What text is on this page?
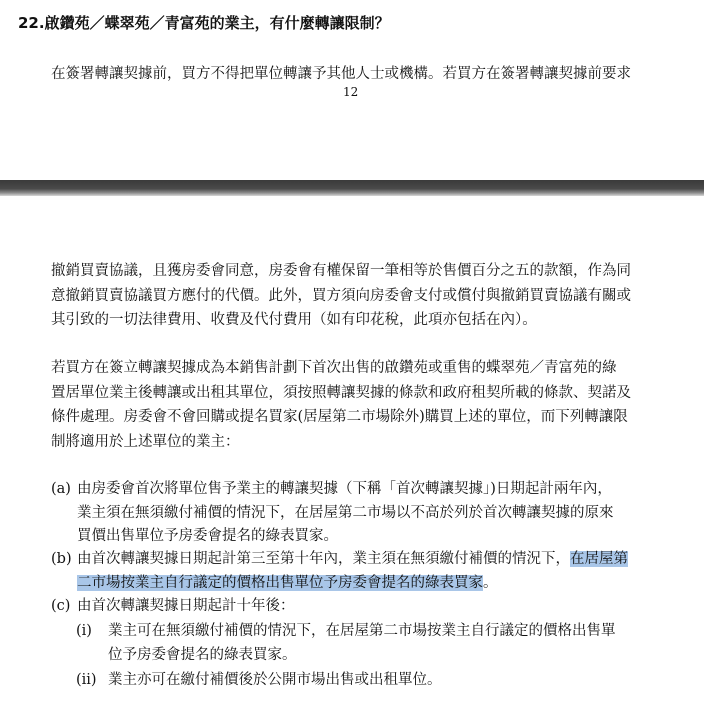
22.啟鑽苑／蝶翠苑／青富苑的業主，有什麼轉讓限制？
在簽署轉讓契據前，買方不得把單位轉讓予其他人士或機構。若買方在簽署轉讓契據前要求
12
撤銷買賣協議，且獲房委會同意，房委會有權保留一筆相等於售價百分之五的款額，作為同
意撤銷買賣協議買方應付的代價。此外，買方須向房委會支付或償付與撤銷買賣協議有關或
其引致的一切法律費用、收費及代付費用（如有印花稅，此項亦包括在內）。
若買方在簽立轉讓契據成為本銷售計劃下首次出售的啟鑽苑或重售的蝶翠苑／青富苑的綠
置居單位業主後轉讓或出租其單位，須按照轉讓契據的條款和政府租契所載的條款、契諾及
條件處理。房委會不會回購或提名買家(居屋第二市場除外)購買上述的單位，而下列轉讓限
制將適用於上述單位的業主：
(a) 由房委會首次將單位售予業主的轉讓契據（下稱「首次轉讓契據」)日期起計兩年內，
業主須在無須繳付補價的情況下，在居屋第二市場以不高於列於首次轉讓契據的原來
買價出售單位予房委會提名的綠表買家。
(b) 由首次轉讓契據日期起計第三至第十年內，業主須在無須繳付補價的情況下，在居屋第
二市場按業主自行議定的價格出售單位予房委會提名的綠表買家。
(c) 由首次轉讓契據日期起計十年後：
(i) 業主可在無須繳付補價的情況下，在居屋第二市場按業主自行議定的價格出售單
位予房委會提名的綠表買家。
(ii) 業主亦可在繳付補價後於公開市場出售或出租單位。
